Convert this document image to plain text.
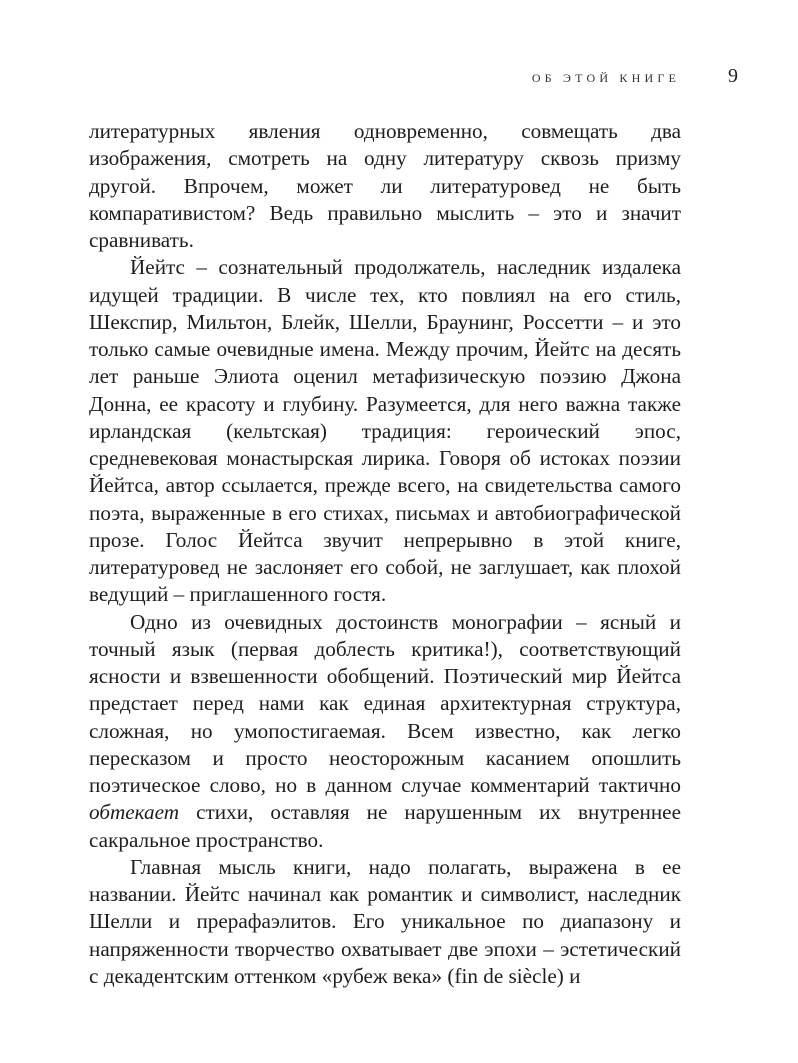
ОБ ЭТОЙ КНИГЕ 9

литературных явления одновременно, совмещать два изображения, смотреть на одну литературу сквозь призму другой. Впрочем, может ли литературовед не быть компаративистом? Ведь правильно мыслить – это и значит сравнивать.

Йейтс – сознательный продолжатель, наследник издалека идущей традиции. В числе тех, кто повлиял на его стиль, Шекспир, Мильтон, Блейк, Шелли, Браунинг, Россетти – и это только самые очевидные имена. Между прочим, Йейтс на десять лет раньше Элиота оценил метафизическую поэзию Джона Донна, ее красоту и глубину. Разумеется, для него важна также ирландская (кельтская) традиция: героический эпос, средневековая монастырская лирика. Говоря об истоках поэзии Йейтса, автор ссылается, прежде всего, на свидетельства самого поэта, выраженные в его стихах, письмах и автобиографической прозе. Голос Йейтса звучит непрерывно в этой книге, литературовед не заслоняет его собой, не заглушает, как плохой ведущий – приглашенного гостя.

Одно из очевидных достоинств монографии – ясный и точный язык (первая доблесть критика!), соответствующий ясности и взвешенности обобщений. Поэтический мир Йейтса предстает перед нами как единая архитектурная структура, сложная, но умопостигаемая. Всем известно, как легко пересказом и просто неосторожным касанием опошлить поэтическое слово, но в данном случае комментарий тактично обтекает стихи, оставляя не нарушенным их внутреннее сакральное пространство.

Главная мысль книги, надо полагать, выражена в ее названии. Йейтс начинал как романтик и символист, наследник Шелли и прерафаэлитов. Его уникальное по диапазону и напряженности творчество охватывает две эпохи – эстетический с декадентским оттенком «рубеж века» (fin de siècle) и
